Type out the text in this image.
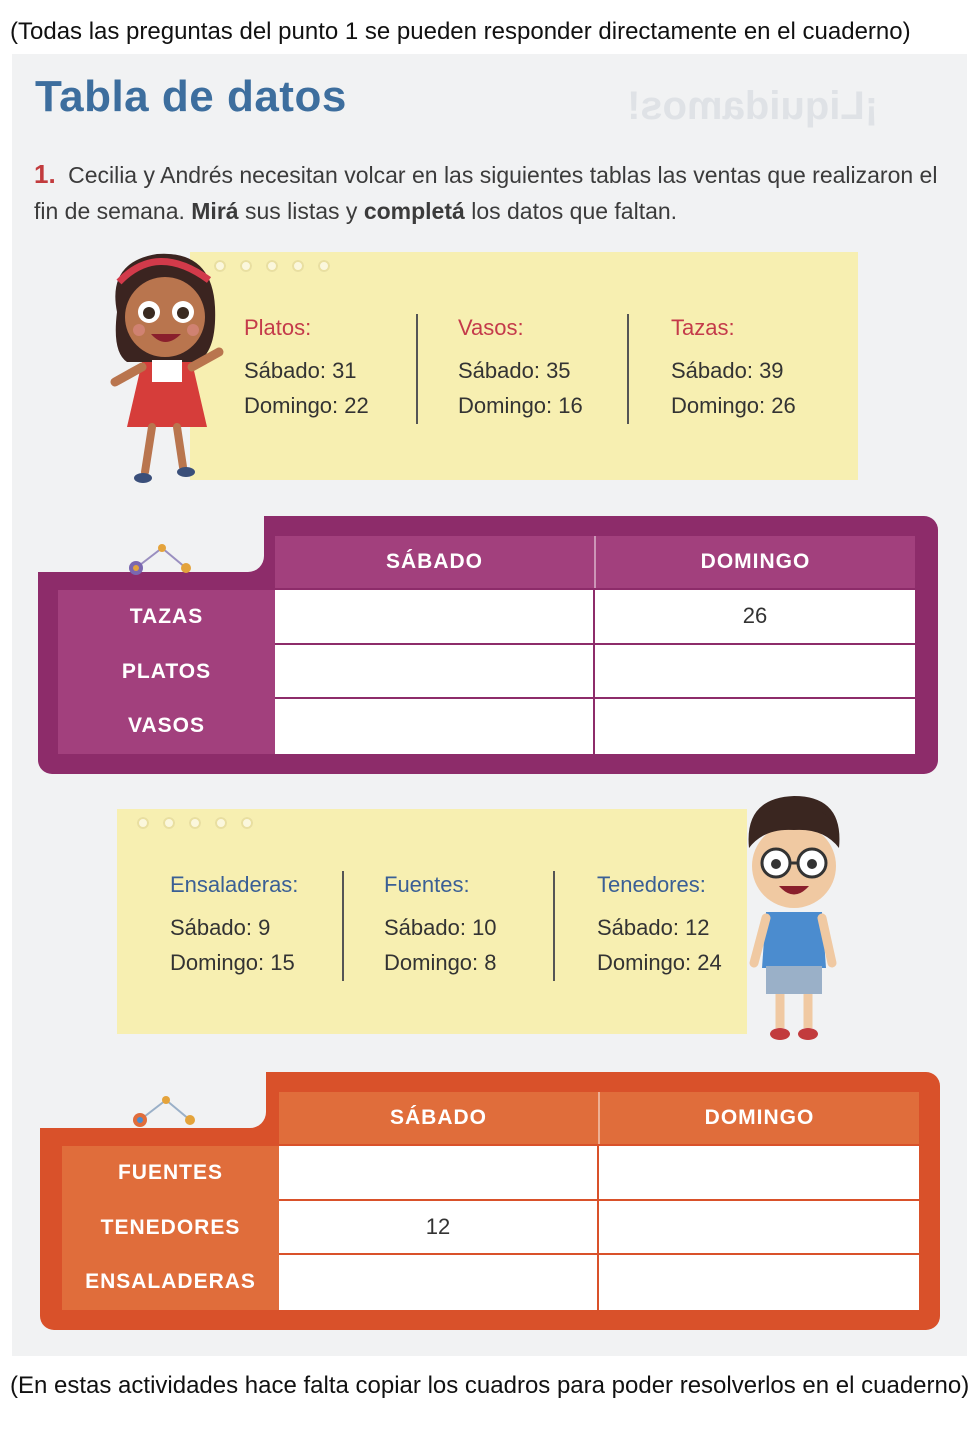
(Todas las preguntas del punto 1 se pueden responder directamente en el cuaderno)
¡Liquidamos!
Tabla de datos
1. Cecilia y Andrés necesitan volcar en las siguientes tablas las ventas que realizaron el fin de semana. Mirá sus listas y completá los datos que faltan.
Platos:
Sábado: 31
Domingo: 22
Vasos:
Sábado: 35
Domingo: 16
Tazas:
Sábado: 39
Domingo: 26
SÁBADO	DOMINGO
TAZAS
PLATOS
VASOS
26
Ensaladeras:
Sábado: 9
Domingo: 15
Fuentes:
Sábado: 10
Domingo: 8
Tenedores:
Sábado: 12
Domingo: 24
SÁBADO	DOMINGO
FUENTES
TENEDORES
ENSALADERAS
12
(En estas actividades hace falta copiar los cuadros para poder resolverlos en el cuaderno)
